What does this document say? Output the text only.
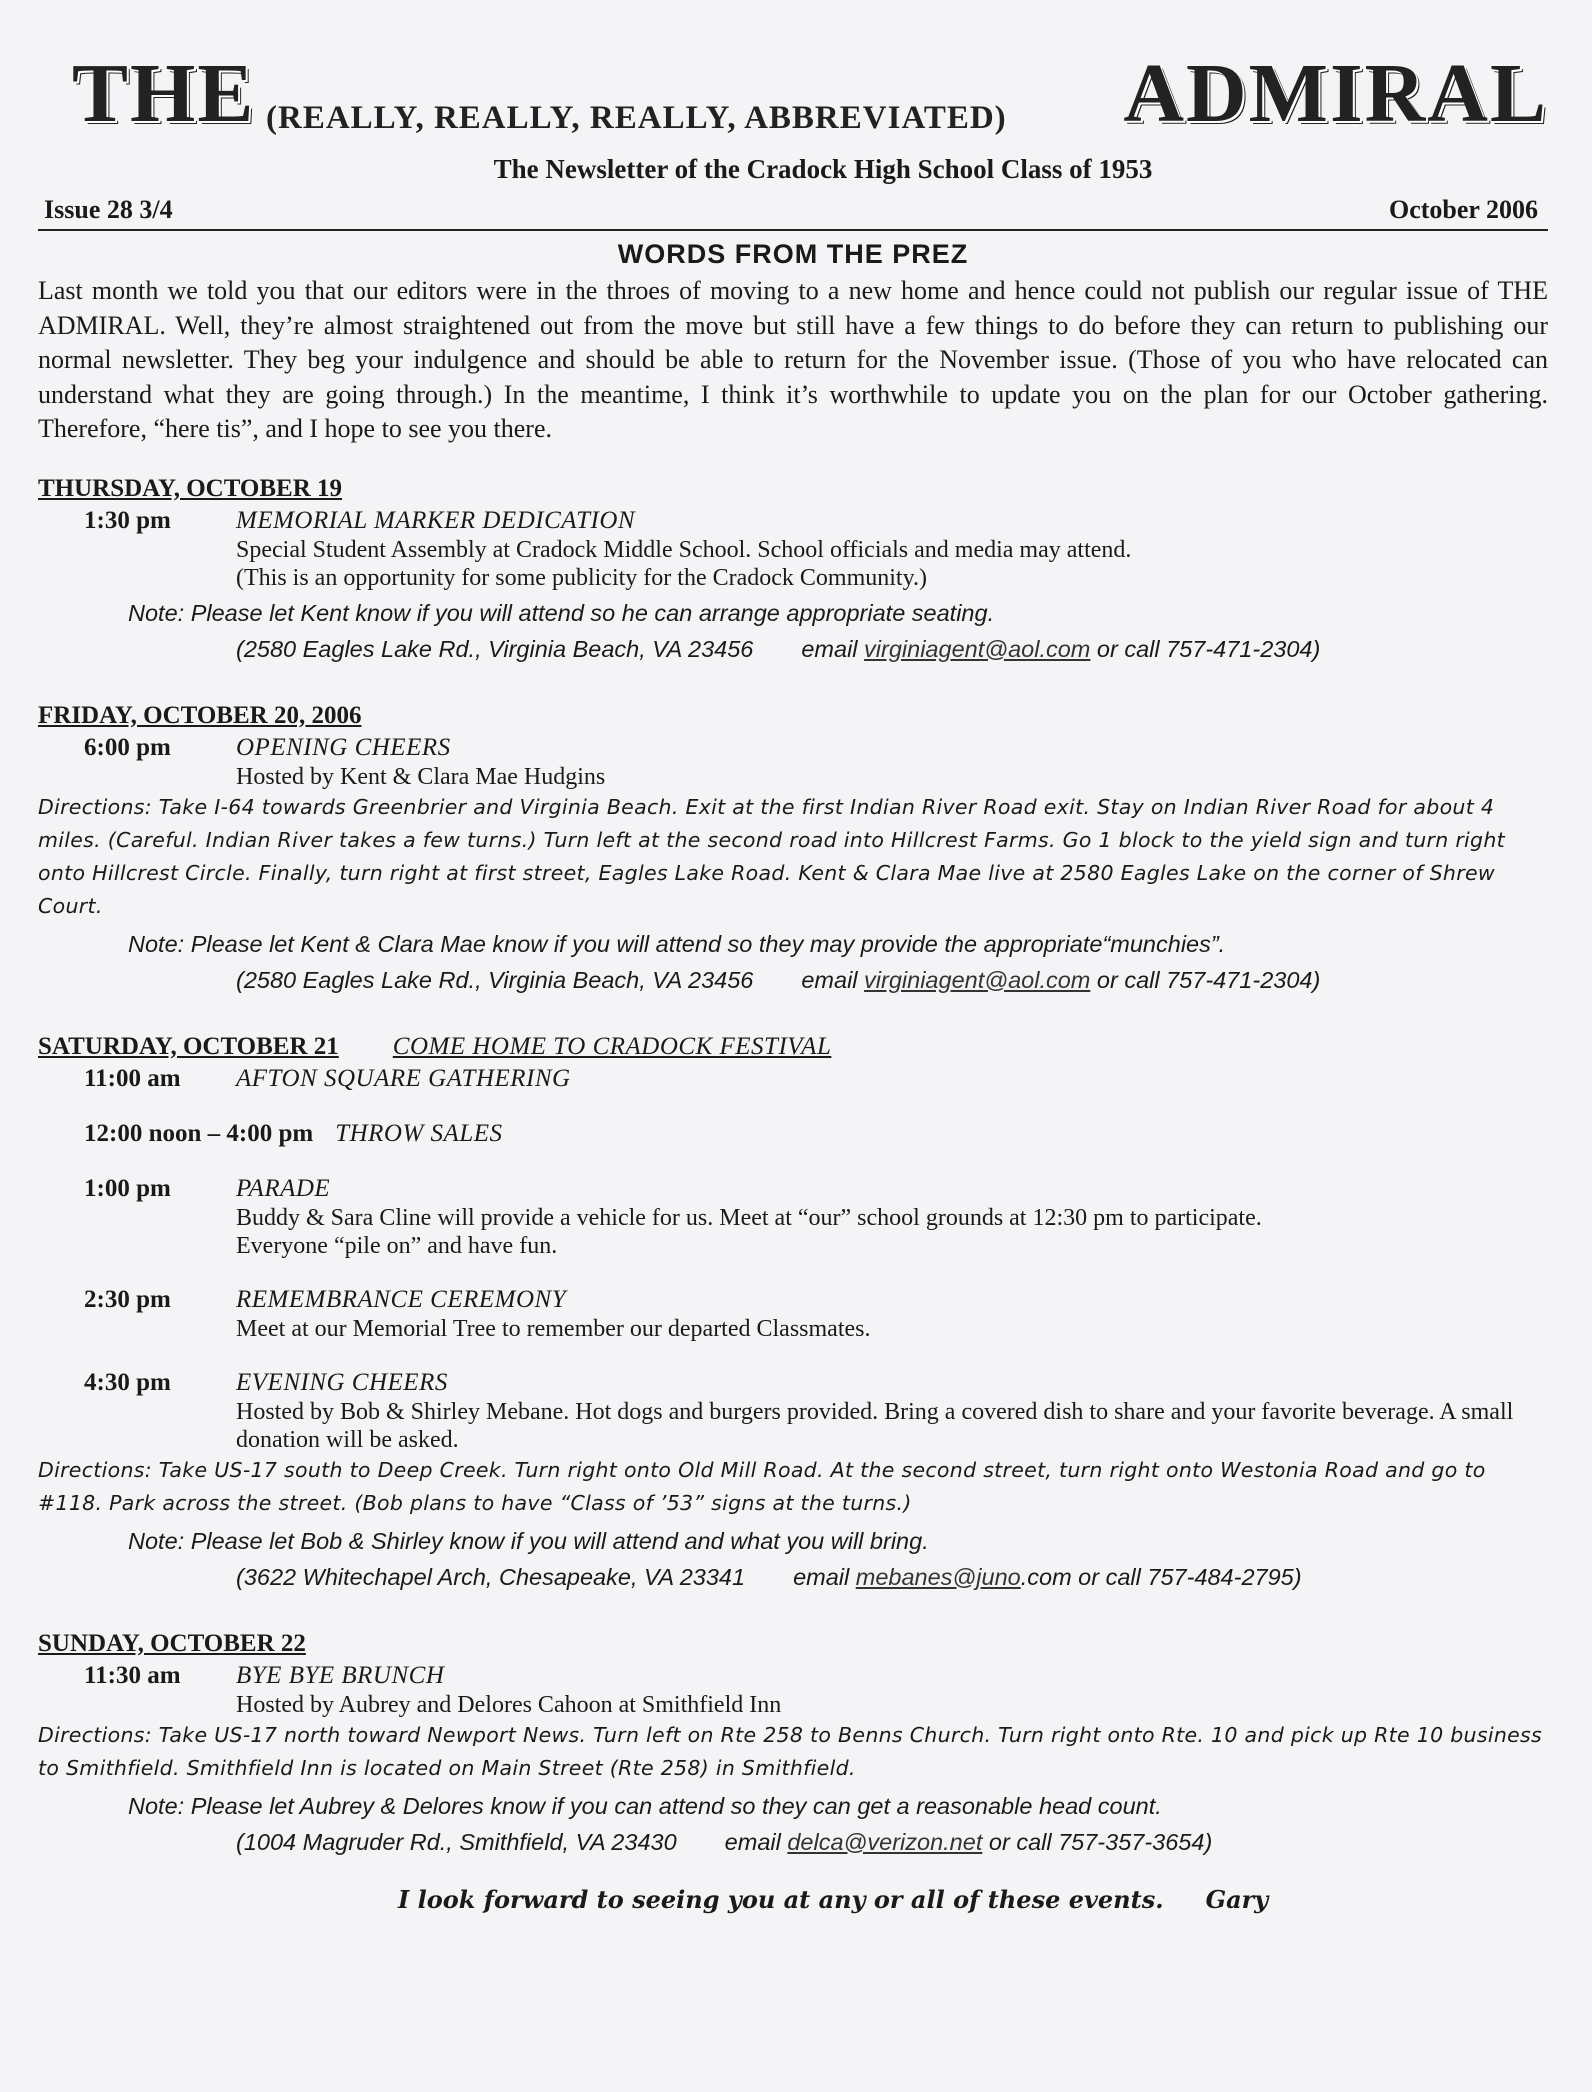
THE (REALLY, REALLY, REALLY, ABBREVIATED) ADMIRAL
The Newsletter of the Cradock High School Class of 1953
Issue 28 3/4	October 2006
WORDS FROM THE PREZ

Last month we told you that our editors were in the throes of moving to a new home and hence could not publish our regular issue of THE ADMIRAL. Well, they’re almost straightened out from the move but still have a few things to do before they can return to publishing our normal newsletter. They beg your indulgence and should be able to return for the November issue. (Those of you who have relocated can understand what they are going through.) In the meantime, I think it’s worthwhile to update you on the plan for our October gathering. Therefore, “here tis”, and I hope to see you there.

THURSDAY, OCTOBER 19

1:30 pm	MEMORIAL MARKER DEDICATION
Special Student Assembly at Cradock Middle School. School officials and media may attend.
(This is an opportunity for some publicity for the Cradock Community.)
Note: Please let Kent know if you will attend so he can arrange appropriate seating.
(2580 Eagles Lake Rd., Virginia Beach, VA 23456 email virginiagent@aol.com or call 757-471-2304)

FRIDAY, OCTOBER 20, 2006

6:00 pm	OPENING CHEERS
Hosted by Kent & Clara Mae Hudgins
Directions: Take I-64 towards Greenbrier and Virginia Beach. Exit at the first Indian River Road exit. Stay on Indian River Road for about 4 miles. (Careful. Indian River takes a few turns.) Turn left at the second road into Hillcrest Farms. Go 1 block to the yield sign and turn right onto Hillcrest Circle. Finally, turn right at first street, Eagles Lake Road. Kent & Clara Mae live at 2580 Eagles Lake on the corner of Shrew Court.
Note: Please let Kent & Clara Mae know if you will attend so they may provide the appropriate“munchies”.
(2580 Eagles Lake Rd., Virginia Beach, VA 23456 email virginiagent@aol.com or call 757-471-2304)

SATURDAY, OCTOBER 21 COME HOME TO CRADOCK FESTIVAL

11:00 am	AFTON SQUARE GATHERING
12:00 noon – 4:00 pm THROW SALES
1:00 pm	PARADE
Buddy & Sara Cline will provide a vehicle for us. Meet at “our” school grounds at 12:30 pm to participate.
Everyone “pile on” and have fun.
2:30 pm	REMEMBRANCE CEREMONY
Meet at our Memorial Tree to remember our departed Classmates.
4:30 pm	EVENING CHEERS
Hosted by Bob & Shirley Mebane. Hot dogs and burgers provided. Bring a covered dish to share and your favorite beverage. A small donation will be asked.
Directions: Take US-17 south to Deep Creek. Turn right onto Old Mill Road. At the second street, turn right onto Westonia Road and go to #118. Park across the street. (Bob plans to have “Class of ’53” signs at the turns.)
Note: Please let Bob & Shirley know if you will attend and what you will bring.
(3622 Whitechapel Arch, Chesapeake, VA 23341 email mebanes@juno.com or call 757-484-2795)

SUNDAY, OCTOBER 22

11:30 am	BYE BYE BRUNCH
Hosted by Aubrey and Delores Cahoon at Smithfield Inn
Directions: Take US-17 north toward Newport News. Turn left on Rte 258 to Benns Church. Turn right onto Rte. 10 and pick up Rte 10 business to Smithfield. Smithfield Inn is located on Main Street (Rte 258) in Smithfield.
Note: Please let Aubrey & Delores know if you can attend so they can get a reasonable head count.
(1004 Magruder Rd., Smithfield, VA 23430 email delca@verizon.net or call 757-357-3654)
I look forward to seeing you at any or all of these events. Gary
